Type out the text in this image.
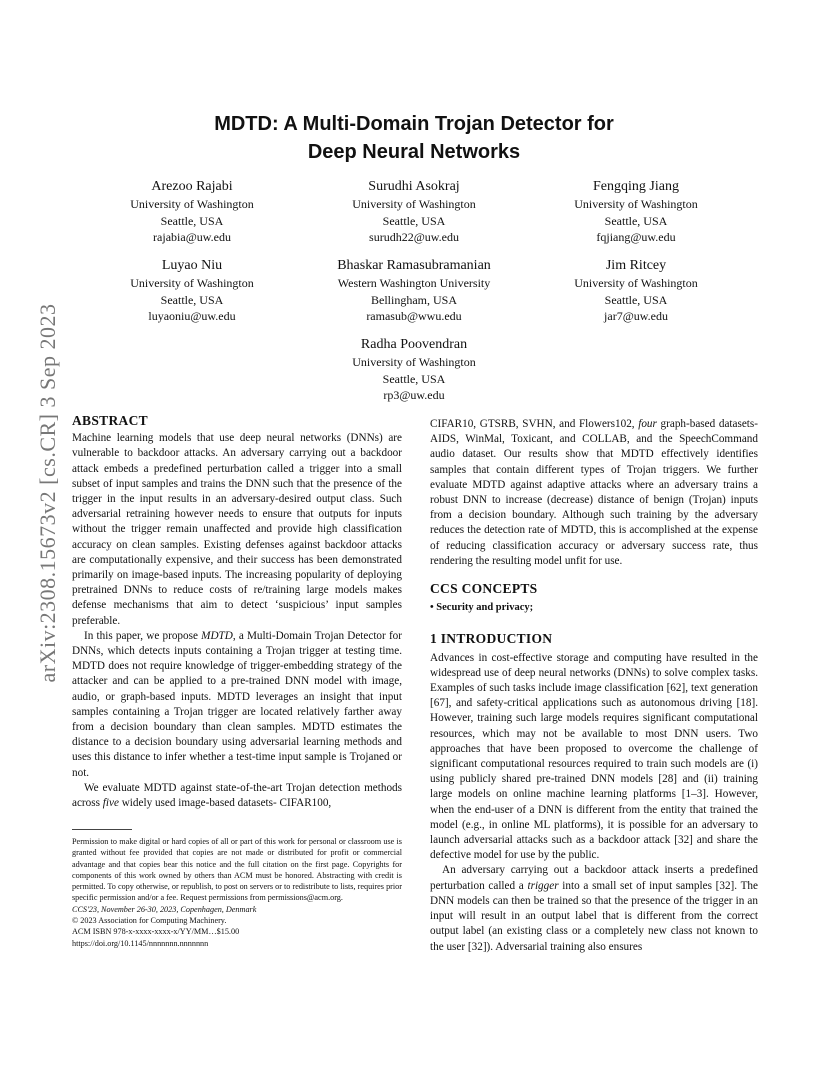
arXiv:2308.15673v2 [cs.CR] 3 Sep 2023
MDTD: A Multi-Domain Trojan Detector for
Deep Neural Networks
Arezoo Rajabi
University of Washington
Seattle, USA
rajabia@uw.edu
Surudhi Asokraj
University of Washington
Seattle, USA
surudh22@uw.edu
Fengqing Jiang
University of Washington
Seattle, USA
fqjiang@uw.edu
Luyao Niu
University of Washington
Seattle, USA
luyaoniu@uw.edu
Bhaskar Ramasubramanian
Western Washington University
Bellingham, USA
ramasub@wwu.edu
Jim Ritcey
University of Washington
Seattle, USA
jar7@uw.edu
Radha Poovendran
University of Washington
Seattle, USA
rp3@uw.edu

ABSTRACT

Machine learning models that use deep neural networks (DNNs) are vulnerable to backdoor attacks. An adversary carrying out a backdoor attack embeds a predefined perturbation called a trigger into a small subset of input samples and trains the DNN such that the presence of the trigger in the input results in an adversary-desired output class. Such adversarial retraining however needs to ensure that outputs for inputs without the trigger remain unaffected and provide high classification accuracy on clean samples. Existing defenses against backdoor attacks are computationally expensive, and their success has been demonstrated primarily on image-based inputs. The increasing popularity of deploying pretrained DNNs to reduce costs of re/training large models makes defense mechanisms that aim to detect ‘suspicious’ input samples preferable.

In this paper, we propose MDTD, a Multi-Domain Trojan Detector for DNNs, which detects inputs containing a Trojan trigger at testing time. MDTD does not require knowledge of trigger-embedding strategy of the attacker and can be applied to a pre-trained DNN model with image, audio, or graph-based inputs. MDTD leverages an insight that input samples containing a Trojan trigger are located relatively farther away from a decision boundary than clean samples. MDTD estimates the distance to a decision boundary using adversarial learning methods and uses this distance to infer whether a test-time input sample is Trojaned or not.

We evaluate MDTD against state-of-the-art Trojan detection methods across five widely used image-based datasets- CIFAR100,

Permission to make digital or hard copies of all or part of this work for personal or classroom use is granted without fee provided that copies are not made or distributed for profit or commercial advantage and that copies bear this notice and the full citation on the first page. Copyrights for components of this work owned by others than ACM must be honored. Abstracting with credit is permitted. To copy otherwise, or republish, to post on servers or to redistribute to lists, requires prior specific permission and/or a fee. Request permissions from permissions@acm.org.

CCS'23, November 26-30, 2023, Copenhagen, Denmark

© 2023 Association for Computing Machinery.

ACM ISBN 978-x-xxxx-xxxx-x/YY/MM…$15.00

https://doi.org/10.1145/nnnnnnn.nnnnnnn

CIFAR10, GTSRB, SVHN, and Flowers102, four graph-based datasets- AIDS, WinMal, Toxicant, and COLLAB, and the SpeechCommand audio dataset. Our results show that MDTD effectively identifies samples that contain different types of Trojan triggers. We further evaluate MDTD against adaptive attacks where an adversary trains a robust DNN to increase (decrease) distance of benign (Trojan) inputs from a decision boundary. Although such training by the adversary reduces the detection rate of MDTD, this is accomplished at the expense of reducing classification accuracy or adversary success rate, thus rendering the resulting model unfit for use.

CCS CONCEPTS

• Security and privacy;

1 INTRODUCTION

Advances in cost-effective storage and computing have resulted in the widespread use of deep neural networks (DNNs) to solve complex tasks. Examples of such tasks include image classification [62], text generation [67], and safety-critical applications such as autonomous driving [18]. However, training such large models requires significant computational resources, which may not be available to most DNN users. Two approaches that have been proposed to overcome the challenge of significant computational resources required to train such models are (i) using publicly shared pre-trained DNN models [28] and (ii) training large models on online machine learning platforms [1–3]. However, when the end-user of a DNN is different from the entity that trained the model (e.g., in online ML platforms), it is possible for an adversary to launch adversarial attacks such as a backdoor attack [32] and share the defective model for use by the public.

An adversary carrying out a backdoor attack inserts a predefined perturbation called a trigger into a small set of input samples [32]. The DNN models can then be trained so that the presence of the trigger in an input will result in an output label that is different from the correct output label (an existing class or a completely new class not known to the user [32]). Adversarial training also ensures
